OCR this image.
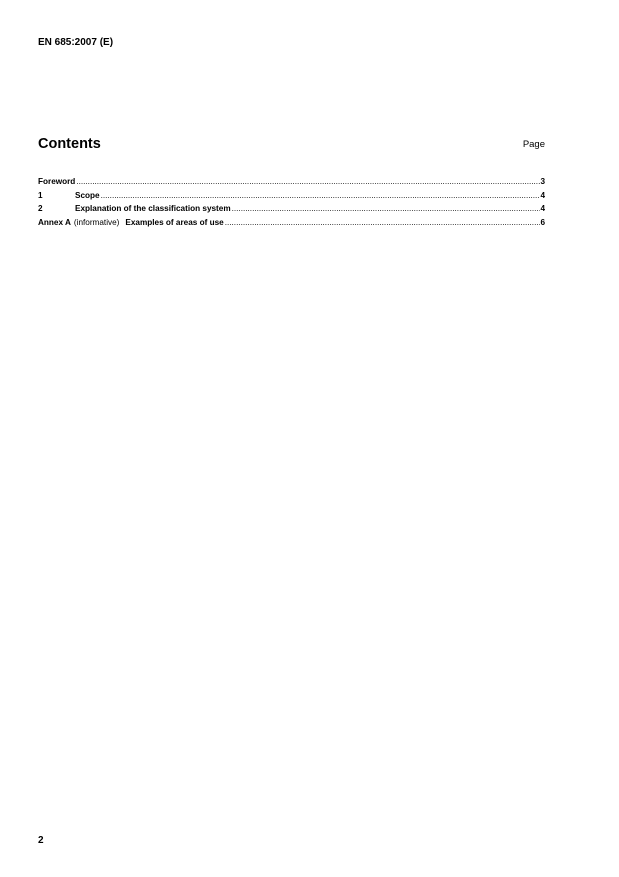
EN 685:2007 (E)
Contents	Page
Foreword .....	3
1	Scope .....	4
2	Explanation of the classification system .....	4
Annex A (informative) Examples of areas of use .....	6
2
